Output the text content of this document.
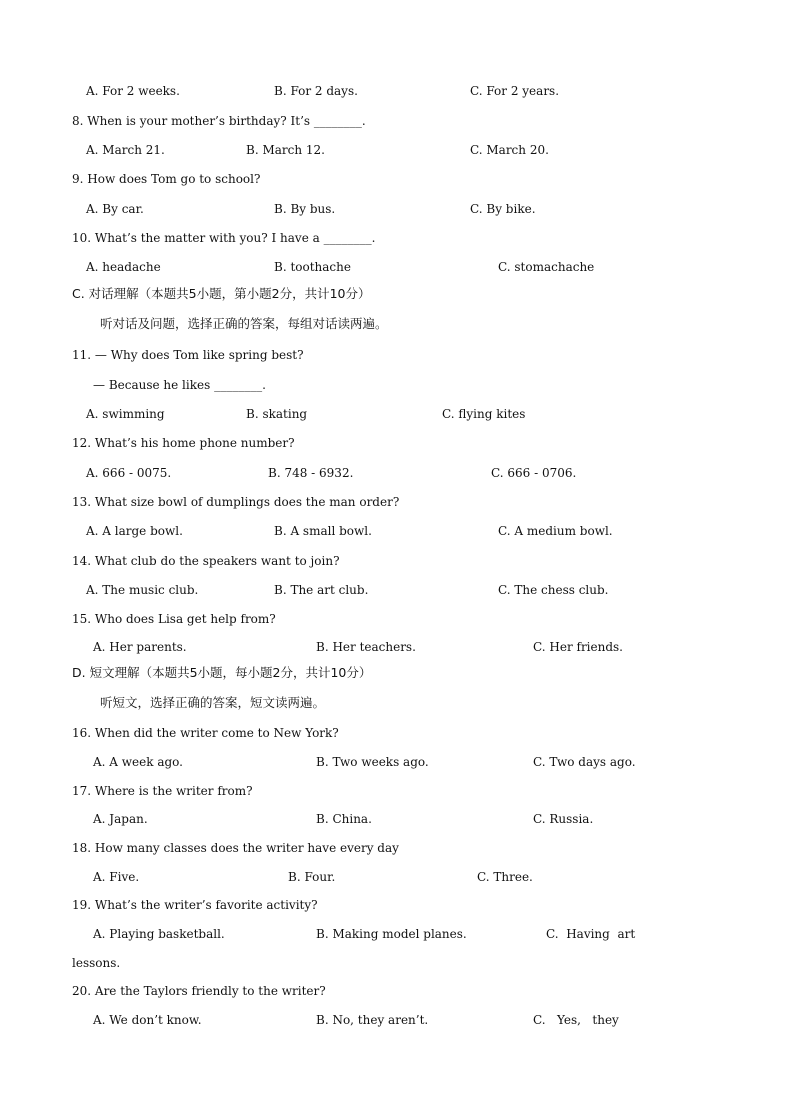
A. For 2 weeks.	B. For 2 days.	C. For 2 years.
8. When is your mother’s birthday? It’s ________.
A. March 21.	B. March 12.	C. March 20.
9. How does Tom go to school?
A. By car.	B. By bus.	C. By bike.
10. What’s the matter with you? I have a ________.
A. headache	B. toothache	C. stomachache
C. 对话理解（本题共5小题，第小题2分，共计10分）
听对话及问题，选择正确的答案，每组对话读两遍。
11. — Why does Tom like spring best?
— Because he likes ________.
A. swimming	B. skating	C. flying kites
12. What’s his home phone number?
A. 666 - 0075.	B. 748 - 6932.	C. 666 - 0706.
13. What size bowl of dumplings does the man order?
A. A large bowl.	B. A small bowl.	C. A medium bowl.
14. What club do the speakers want to join?
A. The music club.	B. The art club.	C. The chess club.
15. Who does Lisa get help from?
A. Her parents.	B. Her teachers.	C. Her friends.
D. 短文理解（本题共5小题，每小题2分，共计10分）
听短文，选择正确的答案，短文读两遍。
16. When did the writer come to New York?
A. A week ago.	B. Two weeks ago.	C. Two days ago.
17. Where is the writer from?
A. Japan.	B. China.	C. Russia.
18. How many classes does the writer have every day
A. Five.	B. Four.	C. Three.
19. What’s the writer’s favorite activity?
A. Playing basketball.	B. Making model planes.	C.  Having  art
lessons.
20. Are the Taylors friendly to the writer?
A. We don’t know.	B. No, they aren’t.	C.   Yes,   they
